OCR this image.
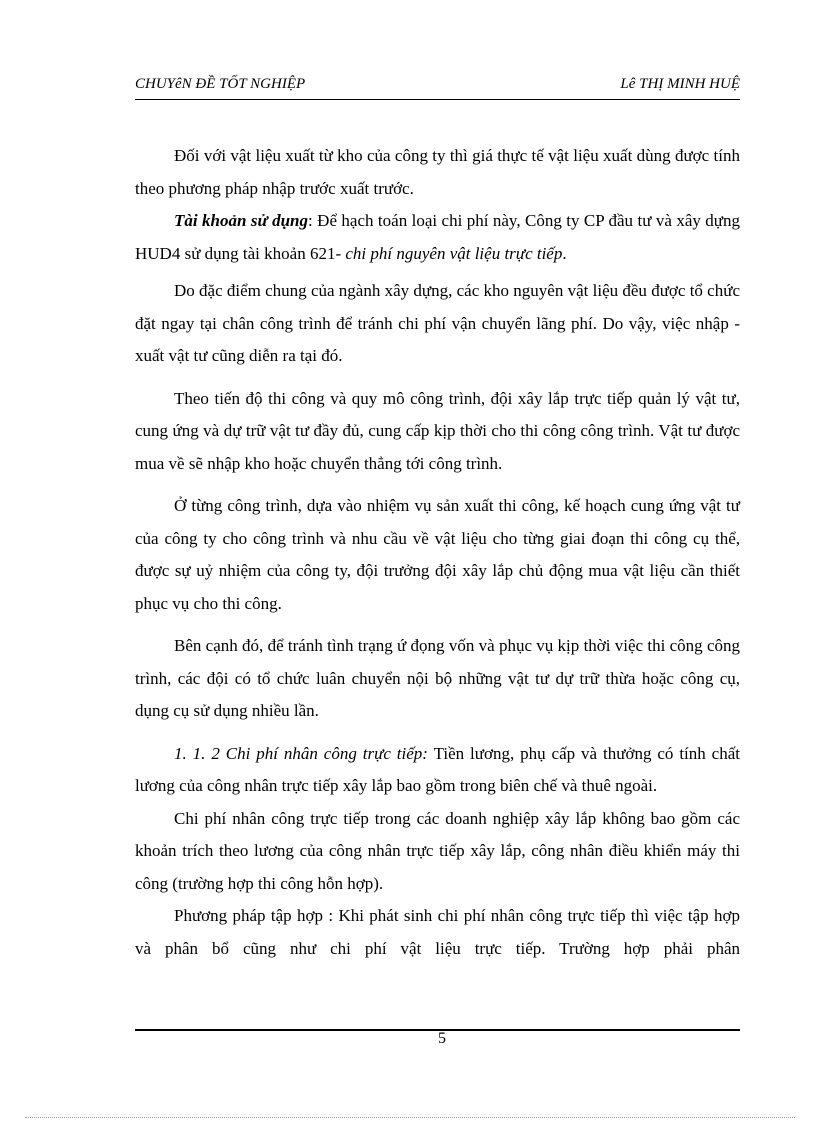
CHUYêN ĐỀ TỐT NGHIỆP	Lê THỊ MINH HUỆ

Đối với vật liệu xuất từ kho của công ty thì giá thực tế vật liệu xuất dùng được tính theo phương pháp nhập trước xuất trước.

Tài khoản sử dụng: Để hạch toán loại chi phí này, Công ty CP đầu tư và xây dựng HUD4 sử dụng tài khoản 621- chi phí nguyên vật liệu trực tiếp.

Do đặc điểm chung của ngành xây dựng, các kho nguyên vật liệu đều được tổ chức đặt ngay tại chân công trình để tránh chi phí vận chuyển lãng phí. Do vậy, việc nhập - xuất vật tư cũng diễn ra tại đó.

Theo tiến độ thi công và quy mô công trình, đội xây lắp trực tiếp quản lý vật tư, cung ứng và dự trữ vật tư đầy đủ, cung cấp kịp thời cho thi công công trình. Vật tư được mua về sẽ nhập kho hoặc chuyển thẳng tới công trình.

Ở từng công trình, dựa vào nhiệm vụ sản xuất thi công, kế hoạch cung ứng vật tư của công ty cho công trình và nhu cầu về vật liệu cho từng giai đoạn thi công cụ thể, được sự uỷ nhiệm của công ty, đội trưởng đội xây lắp chủ động mua vật liệu cần thiết phục vụ cho thi công.

Bên cạnh đó, để tránh tình trạng ứ đọng vốn và phục vụ kịp thời việc thi công công trình, các đội có tổ chức luân chuyển nội bộ những vật tư dự trữ thừa hoặc công cụ, dụng cụ sử dụng nhiều lần.

1. 1. 2 Chi phí nhân công trực tiếp: Tiền lương, phụ cấp và thưởng có tính chất lương của công nhân trực tiếp xây lắp bao gồm trong biên chế và thuê ngoài.

Chi phí nhân công trực tiếp trong các doanh nghiệp xây lắp không bao gồm các khoản trích theo lương của công nhân trực tiếp xây lắp, công nhân điều khiển máy thi công (trường hợp thi công hỗn hợp).

Phương pháp tập hợp : Khi phát sinh chi phí nhân công trực tiếp thì việc tập hợp và phân bổ cũng như chi phí vật liệu trực tiếp. Trường hợp phải phân

5
